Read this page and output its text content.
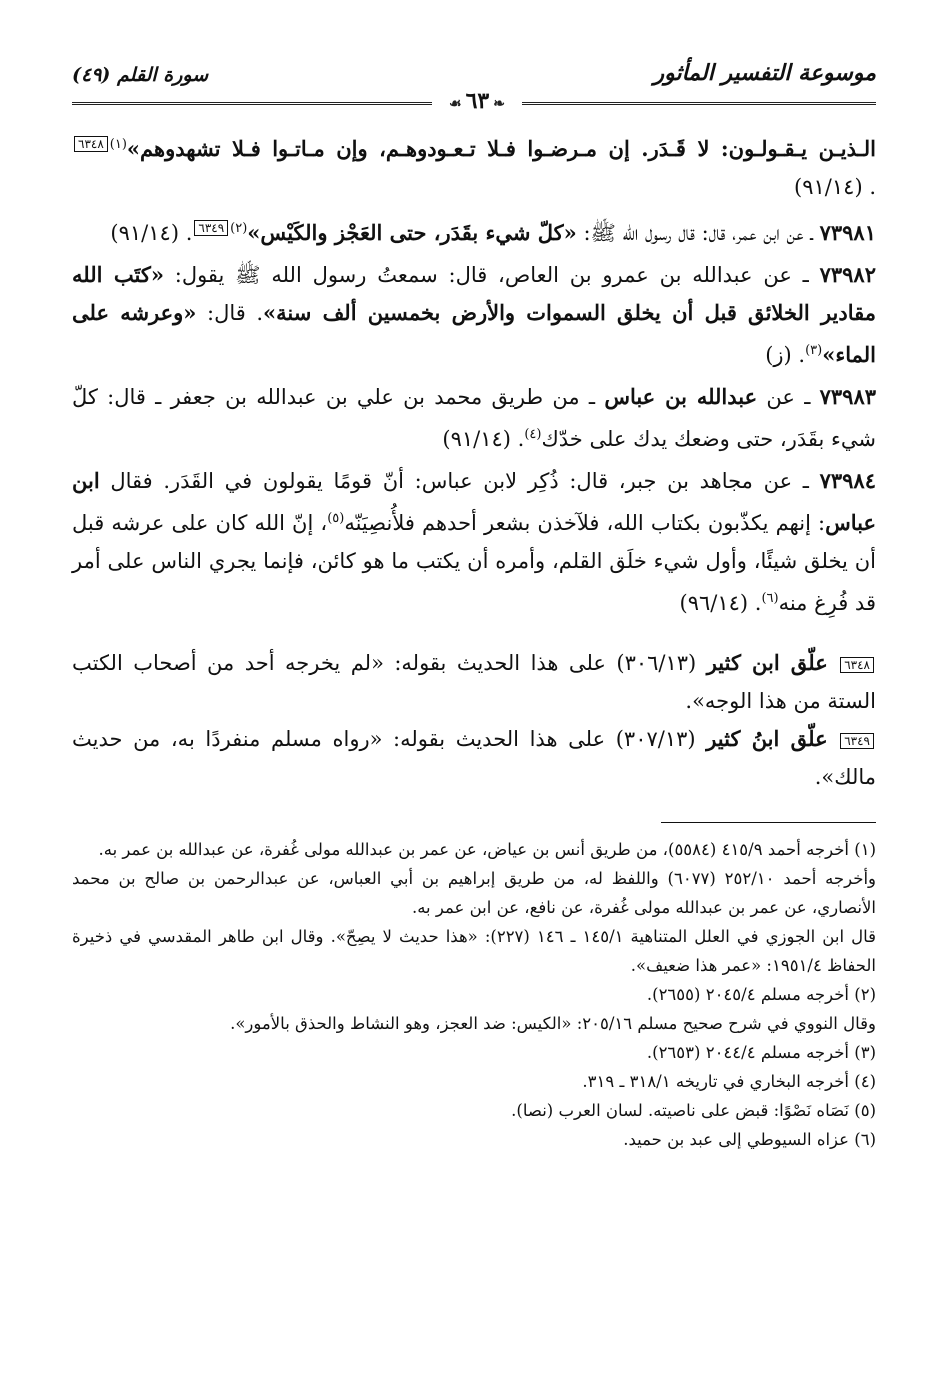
موسوعة التفسير المأثور
سورة القلم (٤٩)
❧٦٣☙

الـذيـن يـقـولـون: لا قَـدَر. إن مـرضـوا فـلا تـعـودوهـم، وإن مـاتـوا فـلا تشهدوهم»$^{(١)}$٦٣٤٨. (٩١/١٤)

٧٣٩٨١ ـ عن ابن عمر، قال: قال رسول الله ﷺ: «كلّ شيء بقَدَر، حتى العَجْز والكَيْس»$^{(٢)}$٦٣٤٩. (٩١/١٤)

٧٣٩٨٢ ـ عن عبدالله بن عمرو بن العاص، قال: سمعتُ رسول الله ﷺ يقول: «كتَب الله مقادير الخلائق قبل أن يخلق السموات والأرض بخمسين ألف سنة». قال: «وعرشه على الماء»$^{(٣)}$. (ز)

٧٣٩٨٣ ـ عن عبدالله بن عباس ـ من طريق محمد بن علي بن عبدالله بن جعفر ـ قال: كلّ شيء بقَدَر، حتى وضعك يدك على خدّك$^{(٤)}$. (٩١/١٤)

٧٣٩٨٤ ـ عن مجاهد بن جبر، قال: ذُكِر لابن عباس: أنّ قومًا يقولون في القَدَر. فقال ابن عباس: إنهم يكذّبون بكتاب الله، فلآخذن بشعر أحدهم فلأُنصِيَنّه$^{(٥)}$، إنّ الله كان على عرشه قبل أن يخلق شيئًا، وأول شيء خلَق القلم، وأمره أن يكتب ما هو كائن، فإنما يجري الناس على أمر قد فُرِغ منه$^{(٦)}$. (٩٦/١٤)

٦٣٤٨ علّق ابن كثير (٣٠٦/١٣) على هذا الحديث بقوله: «لم يخرجه أحد من أصحاب الكتب الستة من هذا الوجه».

٦٣٤٩ علّق ابنُ كثير (٣٠٧/١٣) على هذا الحديث بقوله: «رواه مسلم منفردًا به، من حديث مالك».

(١) أخرجه أحمد ٤١٥/٩ (٥٥٨٤)، من طريق أنس بن عياض، عن عمر بن عبدالله مولى غُفرة، عن عبدالله بن عمر به.

وأخرجه أحمد ٢٥٢/١٠ (٦٠٧٧) واللفظ له، من طريق إبراهيم بن أبي العباس، عن عبدالرحمن بن صالح بن محمد الأنصاري، عن عمر بن عبدالله مولى غُفرة، عن نافع، عن ابن عمر به.

قال ابن الجوزي في العلل المتناهية ١٤٥/١ ـ ١٤٦ (٢٢٧): «هذا حديث لا يصِحّ». وقال ابن طاهر المقدسي في ذخيرة الحفاظ ١٩٥١/٤: «عمر هذا ضعيف».

(٢) أخرجه مسلم ٢٠٤٥/٤ (٢٦٥٥).

وقال النووي في شرح صحيح مسلم ٢٠٥/١٦: «الكيس: ضد العجز، وهو النشاط والحذق بالأمور».

(٣) أخرجه مسلم ٢٠٤٤/٤ (٢٦٥٣).

(٤) أخرجه البخاري في تاريخه ٣١٨/١ ـ ٣١٩.

(٥) نَصَاه نَصْوًا: قبض على ناصيته. لسان العرب (نصا).

(٦) عزاه السيوطي إلى عبد بن حميد.
